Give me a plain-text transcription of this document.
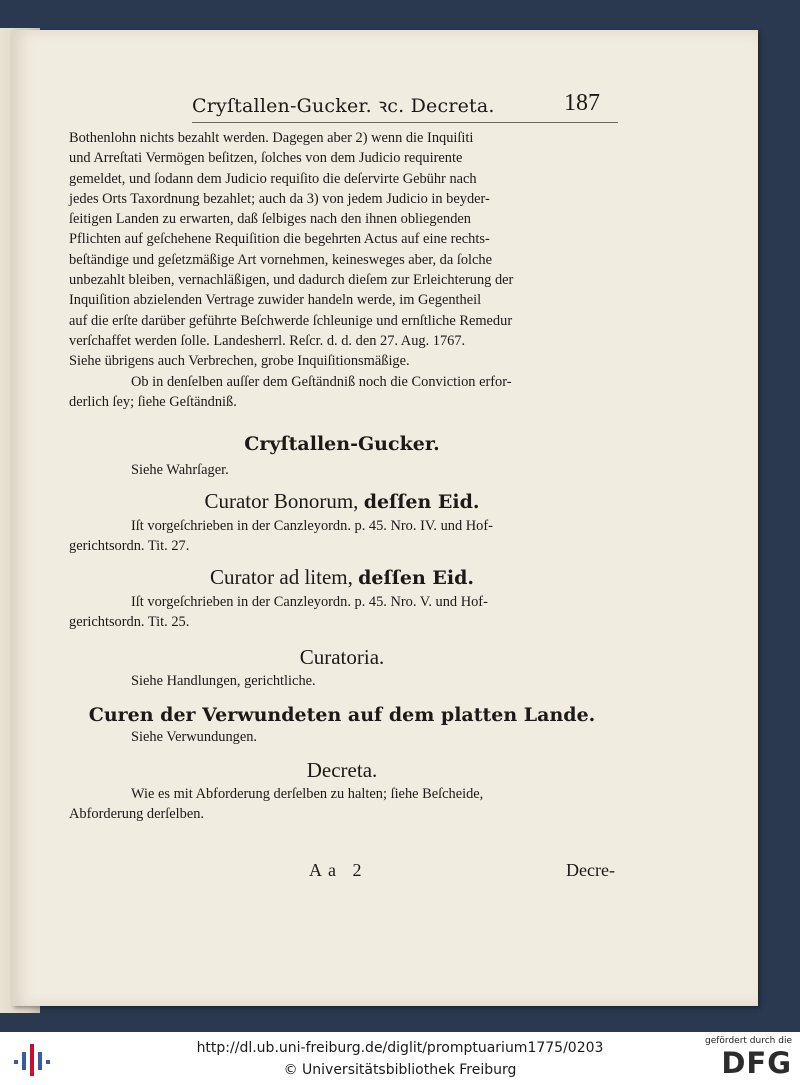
Cryſtallen-Gucker. ꝛc. Decreta.	187
Bothenlohn nichts bezahlt werden. Dagegen aber 2) wenn die Inquiſiti
und Arreſtati Vermögen beſitzen, ſolches von dem Judicio requirente
gemeldet, und ſodann dem Judicio requiſito die deſervirte Gebühr nach
jedes Orts Taxordnung bezahlet; auch da 3) von jedem Judicio in beyder-
ſeitigen Landen zu erwarten, daß ſelbiges nach den ihnen obliegenden
Pflichten auf geſchehene Requiſition die begehrten Actus auf eine rechts-
beſtändige und geſetzmäßige Art vornehmen, keinesweges aber, da ſolche
unbezahlt bleiben, vernachläßigen, und dadurch dieſem zur Erleichterung der
Inquiſition abzielenden Vertrage zuwider handeln werde, im Gegentheil
auf die erſte darüber geführte Beſchwerde ſchleunige und ernſtliche Remedur
verſchaffet werden ſolle. Landesherrl. Reſcr. d. d. den 27. Aug. 1767.
Siehe übrigens auch Verbrechen, grobe Inquiſitionsmäßige.
Ob in denſelben auſſer dem Geſtändniß noch die Conviction erfor-
derlich ſey; ſiehe Geſtändniß.
Cryſtallen-Gucker.
Siehe Wahrſager.
Curator Bonorum, deſſen Eid.
Iſt vorgeſchrieben in der Canzleyordn. p. 45. Nro. IV. und Hof-
gerichtsordn. Tit. 27.
Curator ad litem, deſſen Eid.
Iſt vorgeſchrieben in der Canzleyordn. p. 45. Nro. V. und Hof-
gerichtsordn. Tit. 25.
Curatoria.
Siehe Handlungen, gerichtliche.
Curen der Verwundeten auf dem platten Lande.
Siehe Verwundungen.
Decreta.
Wie es mit Abforderung derſelben zu halten; ſiehe Beſcheide,
Abforderung derſelben.
Aa 2	Decre-
http://dl.ub.uni-freiburg.de/diglit/promptuarium1775/0203
© Universitätsbibliothek Freiburg
gefördert durch die
DFG
